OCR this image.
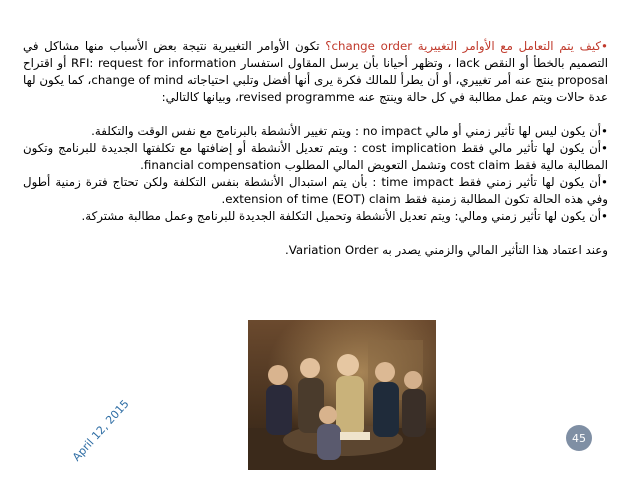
•كيف يتم التعامل مع الأوامر التغييرية change order؟ تكون الأوامر التغييرية نتيجة بعض الأسباب منها مشاكل في التصميم بالخطأ أو النقص lack ، وتظهر أحيانا بأن يرسل المقاول استفسار RFI: request for information أو اقتراح proposal ينتج عنه أمر تغييري، أو أن يطرأ للمالك فكرة يرى أنها أفضل وتلبي احتياجاته change of mind، كما يكون لها عدة حالات ويتم عمل مطالبة في كل حالة وينتج عنه revised programme، وبيانها كالتالي:

•أن يكون ليس لها تأثير زمني أو مالي no impact : ويتم تغيير الأنشطة بالبرنامج مع نفس الوقت والتكلفة.

•أن يكون لها تأثير مالي فقط cost implication : ويتم تعديل الأنشطة أو إضافتها مع تكلفتها الجديدة للبرنامج وتكون المطالبة مالية فقط cost claim وتشمل التعويض المالي المطلوب financial compensation.

•أن يكون لها تأثير زمني فقط time impact : بأن يتم استبدال الأنشطة بنفس التكلفة ولكن تحتاج فترة زمنية أطول وفي هذه الحالة تكون المطالبة زمنية فقط extension of time (EOT) claim.

•أن يكون لها تأثير زمني ومالي: ويتم تعديل الأنشطة وتحميل التكلفة الجديدة للبرنامج وعمل مطالبة مشتركة.

وعند اعتماد هذا التأثير المالي والزمني يصدر به Variation Order.

April 12, 2015	45
